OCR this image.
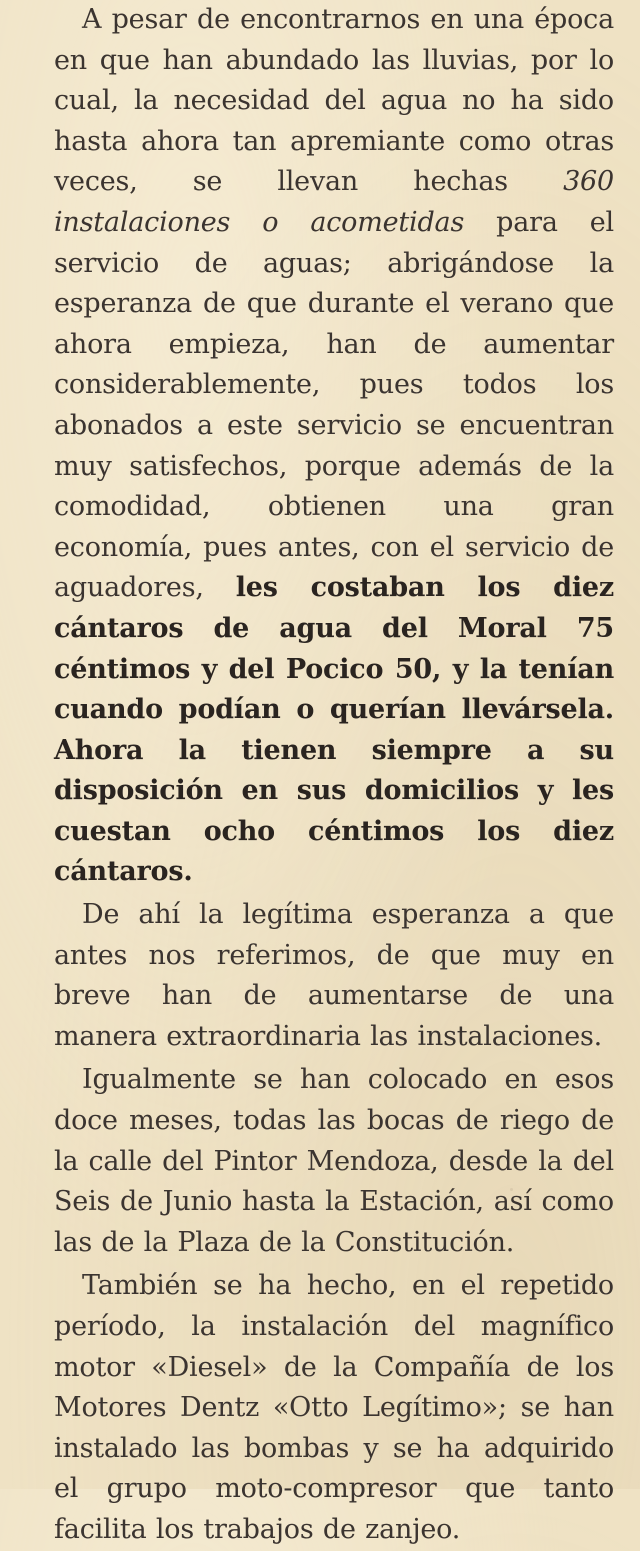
A pesar de encontrarnos en una época en que han abundado las lluvias, por lo cual, la necesidad del agua no ha sido hasta ahora tan apremiante como otras veces, se llevan hechas 360 instalaciones o acometidas para el servicio de aguas; abrigándose la esperanza de que durante el verano que ahora empieza, han de aumentar considerablemente, pues todos los abonados a este servicio se encuentran muy satisfechos, porque además de la comodidad, obtienen una gran economía, pues antes, con el servicio de aguadores, les costaban los diez cántaros de agua del Moral 75 céntimos y del Pocico 50, y la tenían cuando podían o querían llevársela. Ahora la tienen siempre a su disposición en sus domicilios y les cuestan ocho céntimos los diez cántaros.

De ahí la legítima esperanza a que antes nos referimos, de que muy en breve han de aumentarse de una manera extraordinaria las instalaciones.

Igualmente se han colocado en esos doce meses, todas las bocas de riego de la calle del Pintor Mendoza, desde la del Seis de Junio hasta la Estación, así como las de la Plaza de la Constitución.

También se ha hecho, en el repetido período, la instalación del magnífico motor «Diesel» de la Compañía de los Motores Dentz «Otto Legítimo»; se han instalado las bombas y se ha adquirido el grupo moto-compresor que tanto facilita los trabajos de zanjeo.
